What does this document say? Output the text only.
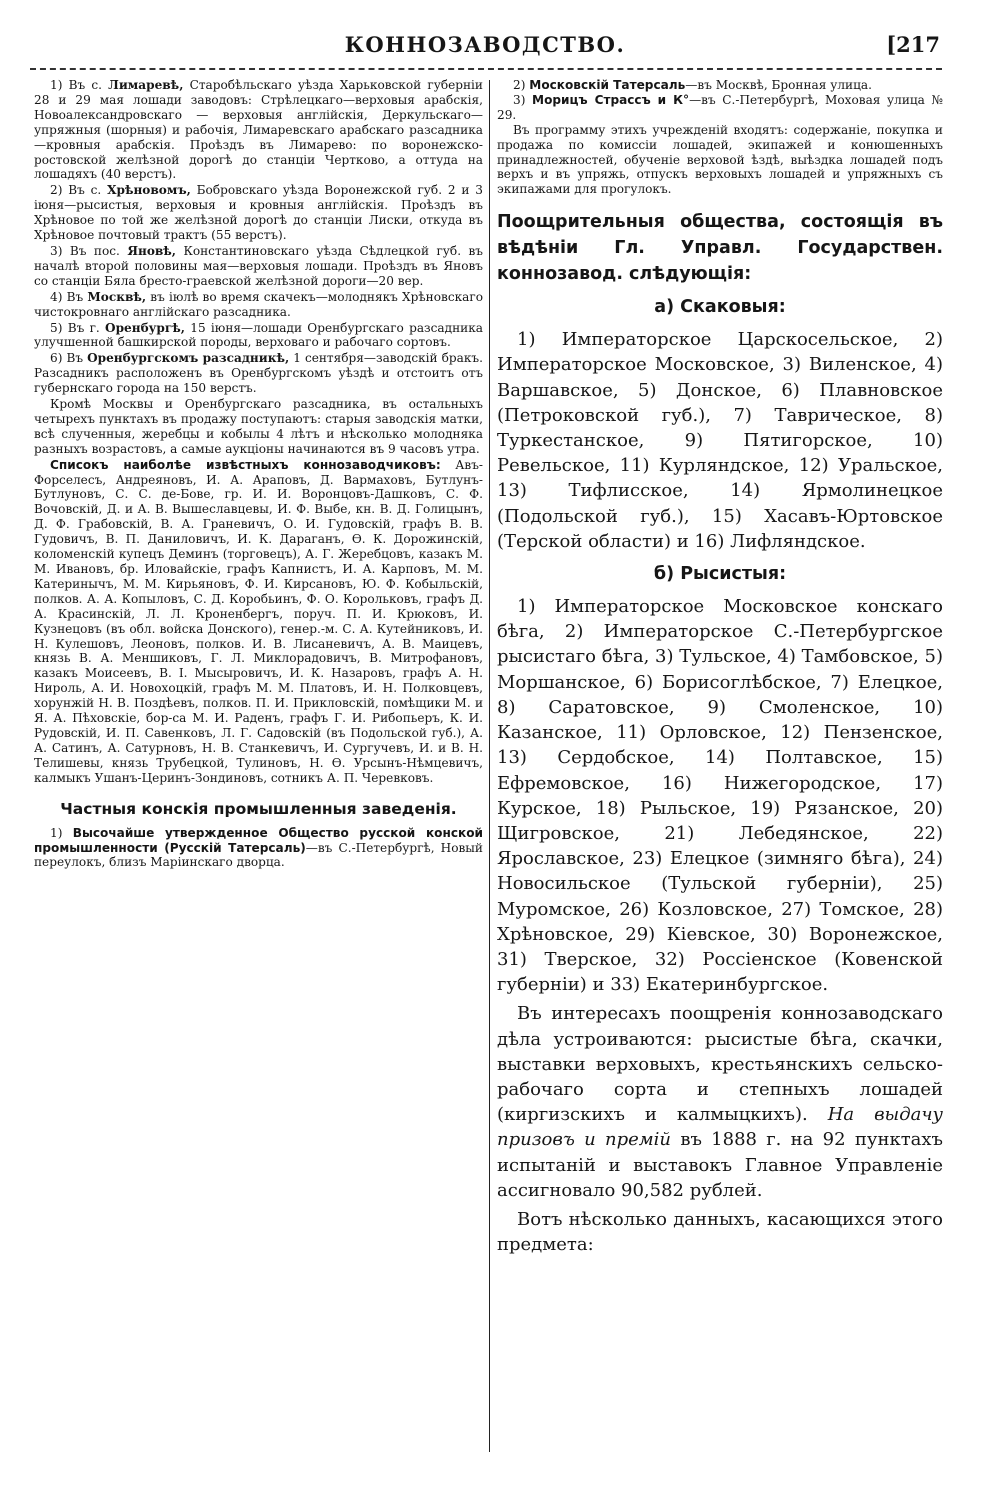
КОННОЗАВОДСТВО.	[217

1) Въ с. Лимаревѣ, Старобѣльскаго уѣзда Харьковской губерніи 28 и 29 мая лошади заводовъ: Стрѣлецкаго—верховыя арабскія, Новоалександровскаго — верховыя англійскія, Деркульскаго—упряжныя (шорныя) и рабочія, Лимаревскаго арабскаго разсадника—кровныя арабскія. Проѣздъ въ Лимарево: по воронежско-ростовской желѣзной дорогѣ до станціи Чертково, а оттуда на лошадяхъ (40 верстъ).

2) Въ с. Хрѣновомъ, Бобровскаго уѣзда Воронежской губ. 2 и 3 іюня—рысистыя, верховыя и кровныя англійскія. Проѣздъ въ Хрѣновое по той же желѣзной дорогѣ до станціи Лиски, откуда въ Хрѣновое почтовый трактъ (55 верстъ).

3) Въ пос. Яновѣ, Константиновскаго уѣзда Сѣдлецкой губ. въ началѣ второй половины мая—верховыя лошади. Проѣздъ въ Яновъ со станціи Бяла бресто-граевской желѣзной дороги—20 вер.

4) Въ Москвѣ, въ іюлѣ во время скачекъ—молоднякъ Хрѣновскаго чистокровнаго англійскаго разсадника.

5) Въ г. Оренбургѣ, 15 іюня—лошади Оренбургскаго разсадника улучшенной башкирской породы, верховаго и рабочаго сортовъ.

6) Въ Оренбургскомъ разсадникѣ, 1 сентября—заводскій бракъ. Разсадникъ расположенъ въ Оренбургскомъ уѣздѣ и отстоитъ отъ губернскаго города на 150 верстъ.

Кромѣ Москвы и Оренбургскаго разсадника, въ остальныхъ четырехъ пунктахъ въ продажу поступаютъ: старыя заводскія матки, всѣ слученныя, жеребцы и кобылы 4 лѣтъ и нѣсколько молодняка разныхъ возрастовъ, а самые аукціоны начинаются въ 9 часовъ утра.

Списокъ наиболѣе извѣстныхъ коннозаводчиковъ: Авъ-Форселесъ, Андреяновъ, И. А. Араповъ, Д. Вармаховъ, Бутлунъ-Бутлуновъ, С. С. де-Бове, гр. И. И. Воронцовъ-Дашковъ, С. Ф. Вочовскій, Д. и А. В. Вышеславцевы, И. Ф. Выбе, кн. В. Д. Голицынъ, Д. Ф. Грабовскій, В. А. Граневичъ, О. И. Гудовскій, графъ В. В. Гудовичъ, В. П. Даниловичъ, И. К. Дараганъ, Ѳ. К. Дорожинскій, коломенскій купецъ Деминъ (торговецъ), А. Г. Жеребцовъ, казакъ М. М. Ивановъ, бр. Иловайскіе, графъ Капнистъ, И. А. Карповъ, М. М. Катеринычъ, М. М. Кирьяновъ, Ф. И. Кирсановъ, Ю. Ф. Кобыльскій, полков. А. А. Копыловъ, С. Д. Коробьинъ, Ф. О. Корольковъ, графъ Д. А. Красинскій, Л. Л. Кроненбергъ, поруч. П. И. Крюковъ, И. Кузнецовъ (въ обл. войска Донского), генер.-м. С. А. Кутейниковъ, И. Н. Кулешовъ, Леоновъ, полков. И. В. Лисаневичъ, А. В. Маицевъ, князь В. А. Меншиковъ, Г. Л. Миклорадовичъ, В. Митрофановъ, казакъ Моисеевъ, В. І. Мысыровичъ, И. К. Назаровъ, графъ А. Н. Нироль, А. И. Новохоцкій, графъ М. М. Платовъ, И. Н. Полковцевъ, хорунжій Н. В. Поздѣевъ, полков. П. И. Прикловскій, помѣщики М. и Я. А. Пѣховскіе, бор-са М. И. Раденъ, графъ Г. И. Рибопьеръ, К. И. Рудовскій, И. П. Савенковъ, Л. Г. Садовскій (въ Подольской губ.), А. А. Сатинъ, А. Сатурновъ, Н. В. Станкевичъ, И. Сургучевъ, И. и В. Н. Телишевы, князь Трубецкой, Тулиновъ, Н. Ѳ. Урсынъ-Нѣмцевичъ, калмыкъ Ушанъ-Церинъ-Зондиновъ, сотникъ А. П. Черевковъ.

Частныя конскія промышленныя заведенія.

1) Высочайше утвержденное Общество русской конской промышленности (Русскій Татерсаль)—въ С.-Петербургѣ, Новый переулокъ, близъ Маріинскаго дворца.

2) Московскій Татерсаль—въ Москвѣ, Бронная улица.

3) Морицъ Страссъ и К°—въ С.-Петербургѣ, Моховая улица № 29.

Въ программу этихъ учрежденій входятъ: содержаніе, покупка и продажа по комиссіи лошадей, экипажей и конюшенныхъ принадлежностей, обученіе верховой ѣздѣ, выѣздка лошадей подъ верхъ и въ упряжь, отпускъ верховыхъ лошадей и упряжныхъ съ экипажами для прогулокъ.

Поощрительныя общества, состоящія въ вѣдѣніи Гл. Управл. Государствен. коннозавод. слѣдующія:
а) Скаковыя:

1) Императорское Царскосельское, 2) Императорское Московское, 3) Виленское, 4) Варшавское, 5) Донское, 6) Плавновское (Петроковской губ.), 7) Таврическое, 8) Туркестанское, 9) Пятигорское, 10) Ревельское, 11) Курляндское, 12) Уральское, 13) Тифлисское, 14) Ярмолинецкое (Подольской губ.), 15) Хасавъ-Юртовское (Терской области) и 16) Лифляндское.

б) Рысистыя:

1) Императорское Московское конскаго бѣга, 2) Императорское С.-Петербургское рысистаго бѣга, 3) Тульское, 4) Тамбовское, 5) Моршанское, 6) Борисоглѣбское, 7) Елецкое, 8) Саратовское, 9) Смоленское, 10) Казанское, 11) Орловское, 12) Пензенское, 13) Сердобское, 14) Полтавское, 15) Ефремовское, 16) Нижегородское, 17) Курское, 18) Рыльское, 19) Рязанское, 20) Щигровское, 21) Лебедянское, 22) Ярославское, 23) Елецкое (зимняго бѣга), 24) Новосильское (Тульской губерніи), 25) Муромское, 26) Козловское, 27) Томское, 28) Хрѣновское, 29) Кіевское, 30) Воронежское, 31) Тверское, 32) Россіенское (Ковенской губерніи) и 33) Екатеринбургское.

Въ интересахъ поощренія коннозаводскаго дѣла устроиваются: рысистые бѣга, скачки, выставки верховыхъ, крестьянскихъ сельско-рабочаго сорта и степныхъ лошадей (киргизскихъ и калмыцкихъ). На выдачу призовъ и премій въ 1888 г. на 92 пунктахъ испытаній и выставокъ Главное Управленіе ассигновало 90,582 рублей.

Вотъ нѣсколько данныхъ, касающихся этого предмета:
